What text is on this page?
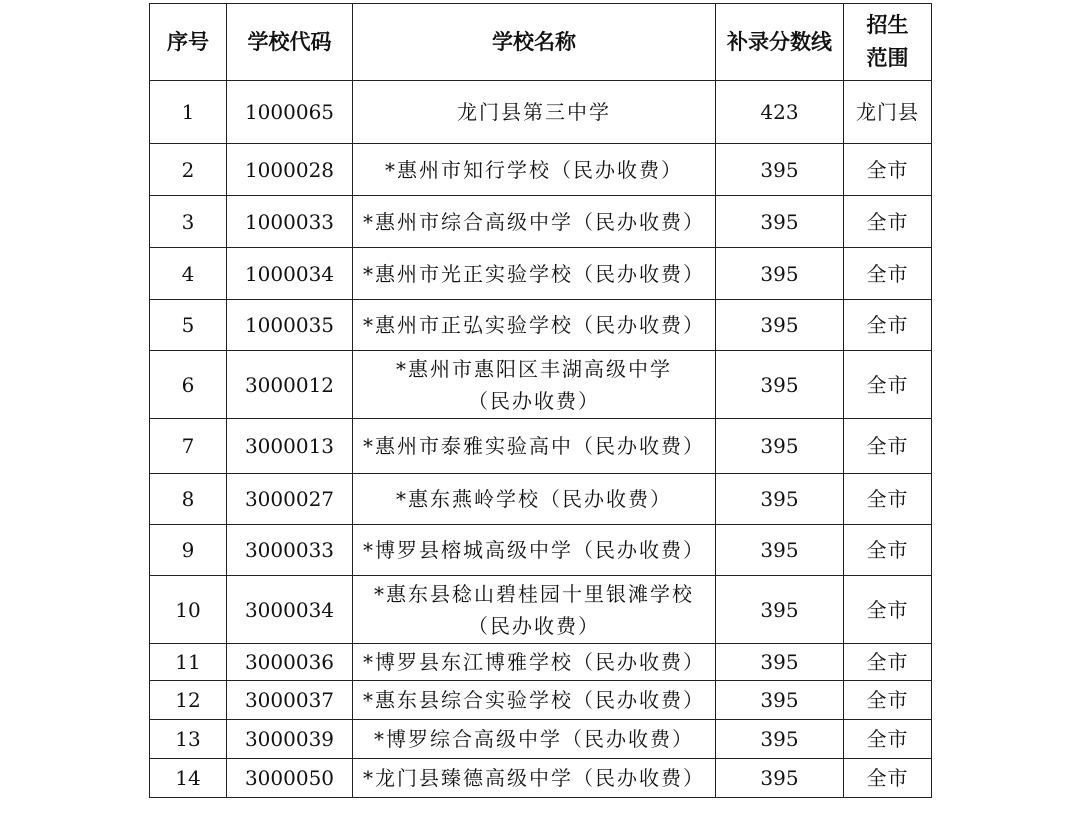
序号	学校代码	学校名称	补录分数线	招生
范围

1	1000065	龙门县第三中学	423	龙门县
2	1000028	*惠州市知行学校（民办收费）	395	全市
3	1000033	*惠州市综合高级中学（民办收费）	395	全市
4	1000034	*惠州市光正实验学校（民办收费）	395	全市
5	1000035	*惠州市正弘实验学校（民办收费）	395	全市
6	3000012	*惠州市惠阳区丰湖高级中学
（民办收费）	395	全市
7	3000013	*惠州市泰雅实验高中（民办收费）	395	全市
8	3000027	*惠东燕岭学校（民办收费）	395	全市
9	3000033	*博罗县榕城高级中学（民办收费）	395	全市
10	3000034	*惠东县稔山碧桂园十里银滩学校
（民办收费）	395	全市
11	3000036	*博罗县东江博雅学校（民办收费）	395	全市
12	3000037	*惠东县综合实验学校（民办收费）	395	全市
13	3000039	*博罗综合高级中学（民办收费）	395	全市
14	3000050	*龙门县臻德高级中学（民办收费）	395	全市
